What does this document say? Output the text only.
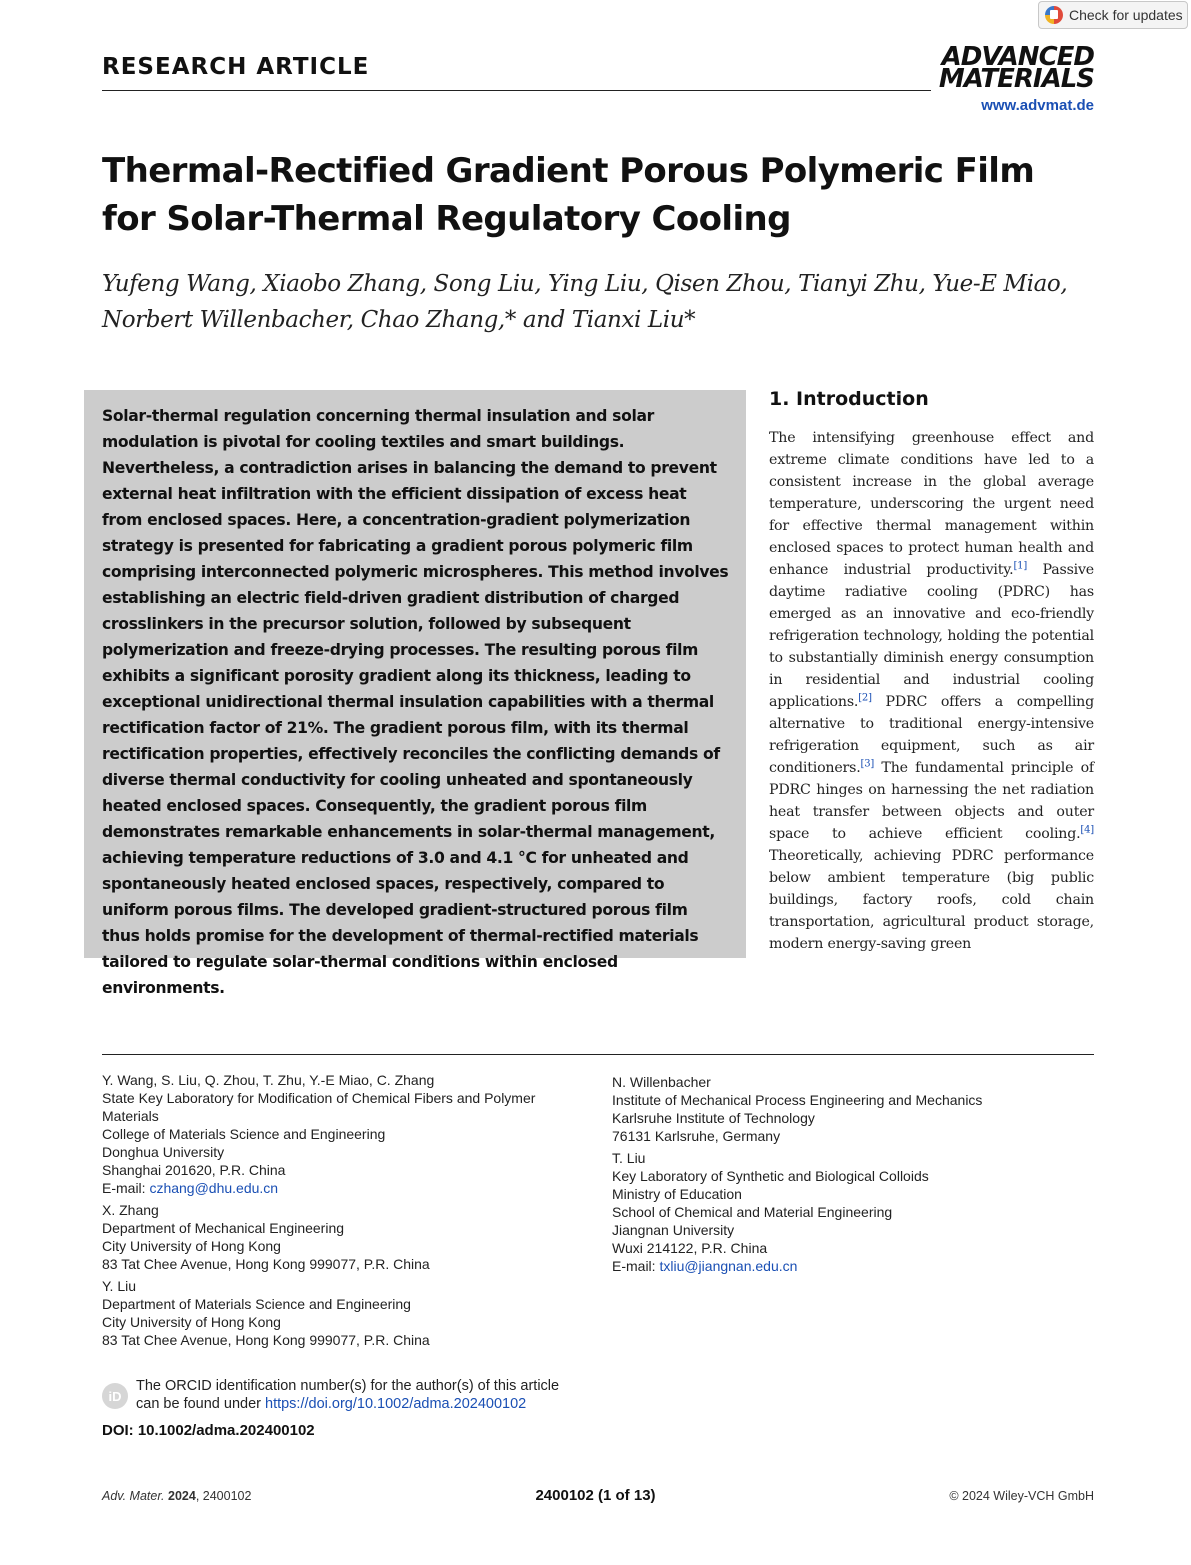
Check for updates
RESEARCH ARTICLE	ADVANCED
MATERIALS
www.advmat.de
Thermal-Rectified Gradient Porous Polymeric Film for Solar-Thermal Regulatory Cooling
Yufeng Wang, Xiaobo Zhang, Song Liu, Ying Liu, Qisen Zhou, Tianyi Zhu, Yue-E Miao, Norbert Willenbacher, Chao Zhang,* and Tianxi Liu*

Solar-thermal regulation concerning thermal insulation and solar modulation is pivotal for cooling textiles and smart buildings. Nevertheless, a contradiction arises in balancing the demand to prevent external heat infiltration with the efficient dissipation of excess heat from enclosed spaces. Here, a concentration-gradient polymerization strategy is presented for fabricating a gradient porous polymeric film comprising interconnected polymeric microspheres. This method involves establishing an electric field-driven gradient distribution of charged crosslinkers in the precursor solution, followed by subsequent polymerization and freeze-drying processes. The resulting porous film exhibits a significant porosity gradient along its thickness, leading to exceptional unidirectional thermal insulation capabilities with a thermal rectification factor of 21%. The gradient porous film, with its thermal rectification properties, effectively reconciles the conflicting demands of diverse thermal conductivity for cooling unheated and spontaneously heated enclosed spaces. Consequently, the gradient porous film demonstrates remarkable enhancements in solar-thermal management, achieving temperature reductions of 3.0 and 4.1 °C for unheated and spontaneously heated enclosed spaces, respectively, compared to uniform porous films. The developed gradient-structured porous film thus holds promise for the development of thermal-rectified materials tailored to regulate solar-thermal conditions within enclosed environments.

1. Introduction
The intensifying greenhouse effect and extreme climate conditions have led to a consistent increase in the global average temperature, underscoring the urgent need for effective thermal management within enclosed spaces to protect human health and enhance industrial productivity.[1] Passive daytime radiative cooling (PDRC) has emerged as an innovative and eco-friendly refrigeration technology, holding the potential to substantially diminish energy consumption in residential and industrial cooling applications.[2] PDRC offers a compelling alternative to traditional energy-intensive refrigeration equipment, such as air conditioners.[3] The fundamental principle of PDRC hinges on harnessing the net radiation heat transfer between objects and outer space to achieve efficient cooling.[4] Theoretically, achieving PDRC performance below ambient temperature (big public buildings, factory roofs, cold chain transportation, agricultural product storage, modern energy-saving green
Y. Wang, S. Liu, Q. Zhou, T. Zhu, Y.-E Miao, C. Zhang
State Key Laboratory for Modification of Chemical Fibers and Polymer
Materials
College of Materials Science and Engineering
Donghua University
Shanghai 201620, P.R. China
E-mail: czhang@dhu.edu.cn
X. Zhang
Department of Mechanical Engineering
City University of Hong Kong
83 Tat Chee Avenue, Hong Kong 999077, P.R. China
Y. Liu
Department of Materials Science and Engineering
City University of Hong Kong
83 Tat Chee Avenue, Hong Kong 999077, P.R. China
N. Willenbacher
Institute of Mechanical Process Engineering and Mechanics
Karlsruhe Institute of Technology
76131 Karlsruhe, Germany
T. Liu
Key Laboratory of Synthetic and Biological Colloids
Ministry of Education
School of Chemical and Material Engineering
Jiangnan University
Wuxi 214122, P.R. China
E-mail: txliu@jiangnan.edu.cn
iD
The ORCID identification number(s) for the author(s) of this article
can be found under https://doi.org/10.1002/adma.202400102
DOI: 10.1002/adma.202400102
Adv. Mater. 2024, 2400102	2400102 (1 of 13)	© 2024 Wiley-VCH GmbH
